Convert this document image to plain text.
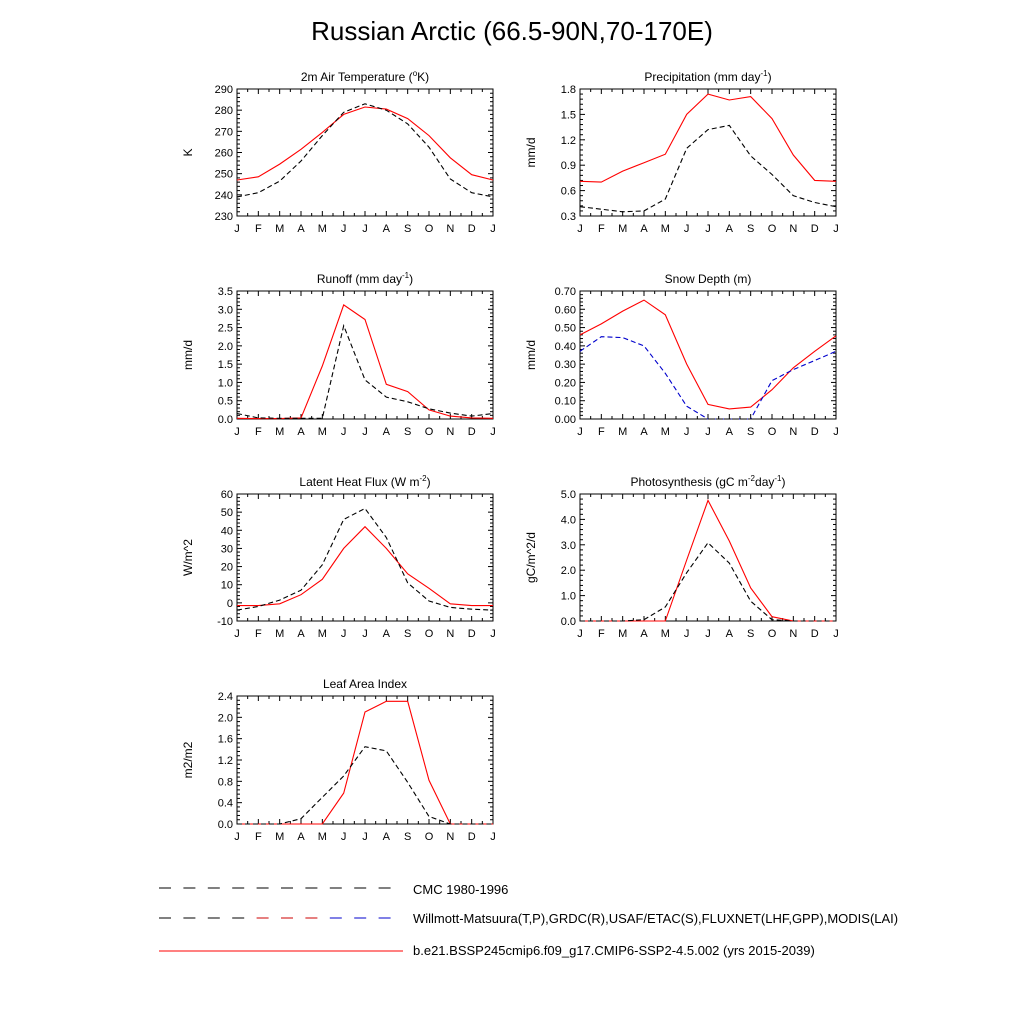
Russian Arctic (66.5-90N,70-170E)
J F M A M J J A S O N D J
230
240
250
260
270
280
290
K
2m Air Temperature ($^o$K)
J F M A M J J A S O N D J
0.3
0.6
0.9
1.2
1.5
1.8
mm/d
Precipitation (mm day$^{-1}$)
J F M A M J J A S O N D J
0.0
0.5
1.0
1.5
2.0
2.5
3.0
3.5
mm/d
Runoff (mm day$^{-1}$)
J F M A M J J A S O N D J
0.00
0.10
0.20
0.30
0.40
0.50
0.60
0.70
mm/d
Snow Depth (m)
J F M A M J J A S O N D J
-10
0
10
20
30
40
50
60
W/m^2
Latent Heat Flux (W $m^{-2}$)
J F M A M J J A S O N D J
0.0
1.0
2.0
3.0
4.0
5.0
gC/m^2/d
Photosynthesis (gC $m^{-2}day^{-1}$)
J F M A M J J A S O N D J
0.0
0.4
0.8
1.2
1.6
2.0
2.4
m2/m2
Leaf Area Index
CMC 1980-1996
Willmott-Matsuura(T,P),GRDC(R),USAF/ETAC(S),FLUXNET(LHF,GPP),MODIS(LAI)
b.e21.BSSP245cmip6.f09_g17.CMIP6-SSP2-4.5.002 (yrs 2015-2039)
